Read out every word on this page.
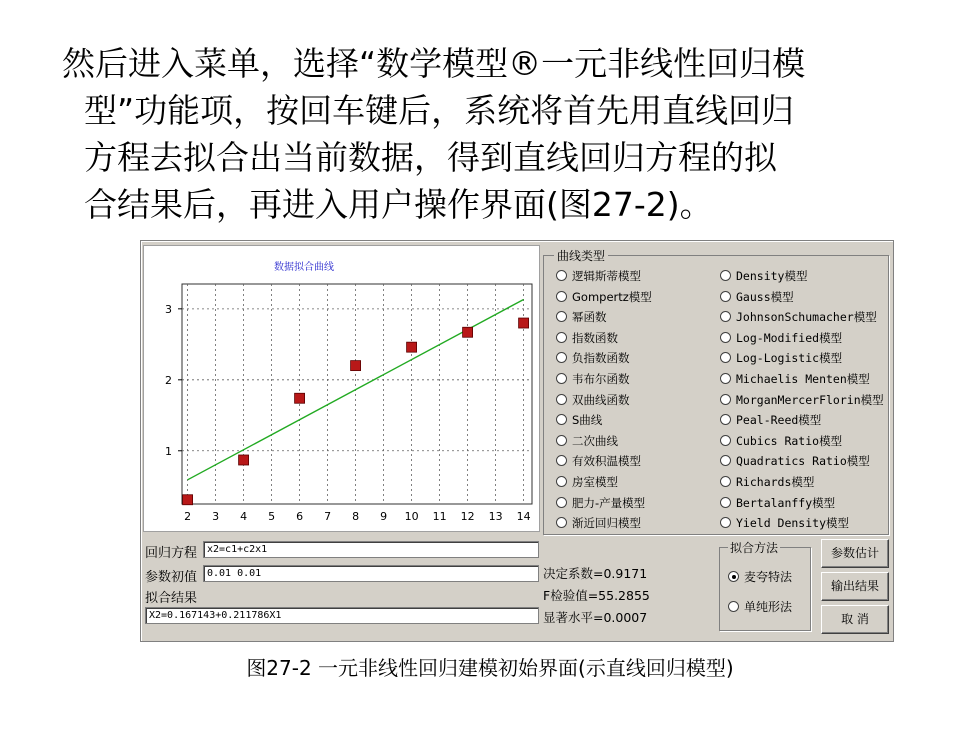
然后进入菜单，选择“数学模型®一元非线性回归模
型”功能项，按回车键后，系统将首先用直线回归
方程去拟合出当前数据，得到直线回归方程的拟
合结果后，再进入用户操作界面(图27-2)。
数据拟合曲线
2 3 4 5 6 7 8 9 10 11 12 13 14
1
2
3
曲线类型
逻辑斯蒂模型
Gompertz模型
幂函数
指数函数
负指数函数
韦布尔函数
双曲线函数
S曲线
二次曲线
有效积温模型
房室模型
肥力-产量模型
渐近回归模型
Density模型
Gauss模型
JohnsonSchumacher模型
Log-Modified模型
Log-Logistic模型
Michaelis Menten模型
MorganMercerFlorin模型
Peal-Reed模型
Cubics Ratio模型
Quadratics Ratio模型
Richards模型
Bertalanffy模型
Yield Density模型
回归方程 x2=c1+c2x1
参数初值 0.01 0.01
拟合结果
X2=0.167143+0.211786X1
决定系数=0.9171
F检验值=55.2855
显著水平=0.0007
拟合方法
麦夸特法
单纯形法
参数估计
输出结果
取 消
图27-2 一元非线性回归建模初始界面(示直线回归模型)
